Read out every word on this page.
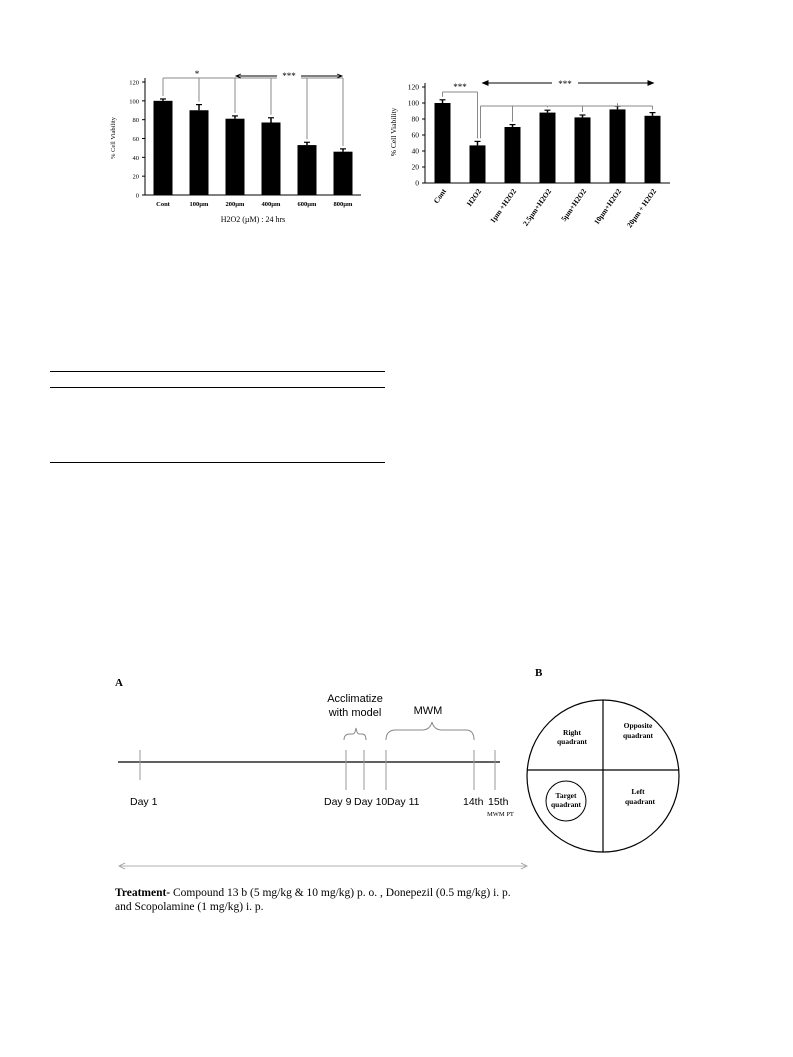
0
20
40
60
80
100
120
% Cell Viability
Cont	100µm	200µm	400µm	600µm	800µm
H2O2 (µM) : 24 hrs
*	***
0
20
40
60
80
100
120
% Cell Viability
Cont H2O2 1µm +H2O2 2.5µm+H2O2 5µm+H2O2 10µm+H2O2 20µm + H2O2
***	***
A
B
Acclimatize
with model	MWM
Day 1	Day 9 Day 10 Day 11	14th 15th
MWM PT
Right
quadrant
Opposite
quadrant
Target
quadrant
Left
quadrant
Treatment- Compound 13 b (5 mg/kg & 10 mg/kg) p. o. , Donepezil (0.5 mg/kg) i. p.
and Scopolamine (1 mg/kg) i. p.
